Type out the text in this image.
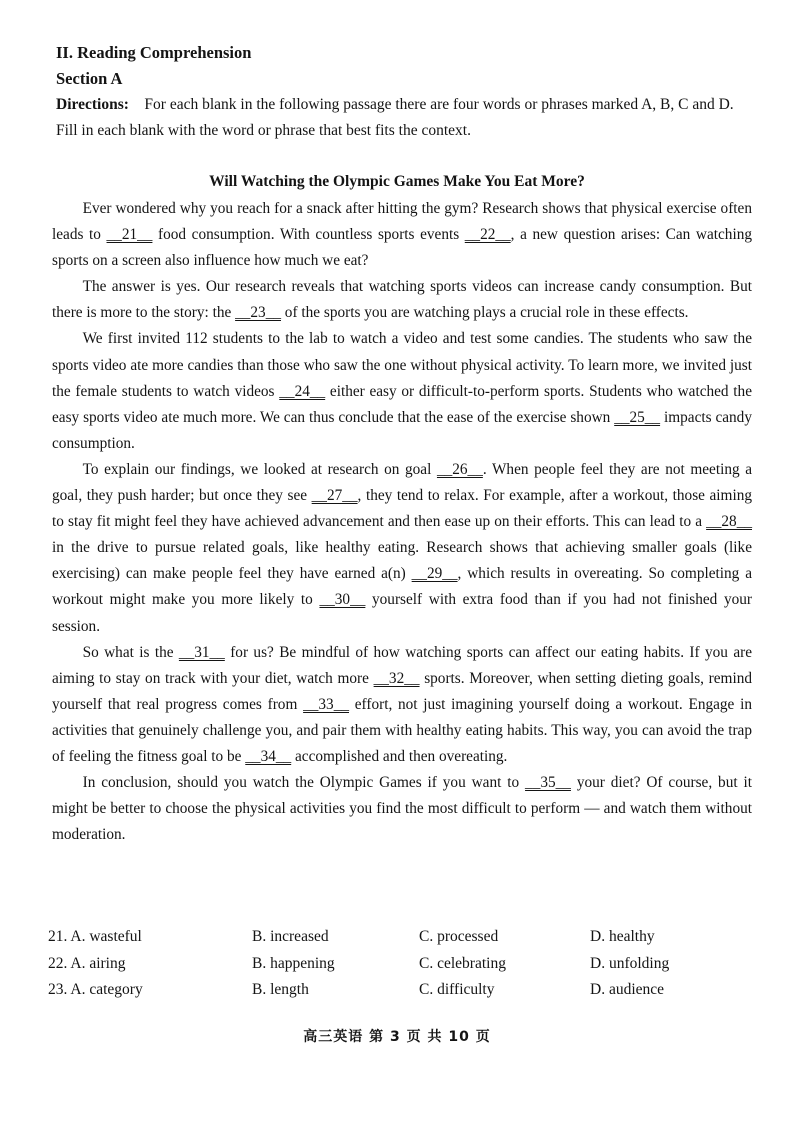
II. Reading Comprehension
Section A
Directions: For each blank in the following passage there are four words or phrases marked A, B, C and D. Fill in each blank with the word or phrase that best fits the context.
Will Watching the Olympic Games Make You Eat More?

Ever wondered why you reach for a snack after hitting the gym? Research shows that physical exercise often leads to __21__ food consumption. With countless sports events __22__, a new question arises: Can watching sports on a screen also influence how much we eat?

The answer is yes. Our research reveals that watching sports videos can increase candy consumption. But there is more to the story: the __23__ of the sports you are watching plays a crucial role in these effects.

We first invited 112 students to the lab to watch a video and test some candies. The students who saw the sports video ate more candies than those who saw the one without physical activity. To learn more, we invited just the female students to watch videos __24__ either easy or difficult-to-perform sports. Students who watched the easy sports video ate much more. We can thus conclude that the ease of the exercise shown __25__ impacts candy consumption.

To explain our findings, we looked at research on goal __26__. When people feel they are not meeting a goal, they push harder; but once they see __27__, they tend to relax. For example, after a workout, those aiming to stay fit might feel they have achieved advancement and then ease up on their efforts. This can lead to a __28__ in the drive to pursue related goals, like healthy eating. Research shows that achieving smaller goals (like exercising) can make people feel they have earned a(n) __29__, which results in overeating. So completing a workout might make you more likely to __30__ yourself with extra food than if you had not finished your session.

So what is the __31__ for us? Be mindful of how watching sports can affect our eating habits. If you are aiming to stay on track with your diet, watch more __32__ sports. Moreover, when setting dieting goals, remind yourself that real progress comes from __33__ effort, not just imagining yourself doing a workout. Engage in activities that genuinely challenge you, and pair them with healthy eating habits. This way, you can avoid the trap of feeling the fitness goal to be __34__ accomplished and then overeating.

In conclusion, should you watch the Olympic Games if you want to __35__ your diet? Of course, but it might be better to choose the physical activities you find the most difficult to perform — and watch them without moderation.

21. A. wasteful	B. increased	C. processed	D. healthy
22. A. airing	B. happening	C. celebrating	D. unfolding
23. A. category	B. length	C. difficulty	D. audience
高三英语 第 3 页 共 10 页
